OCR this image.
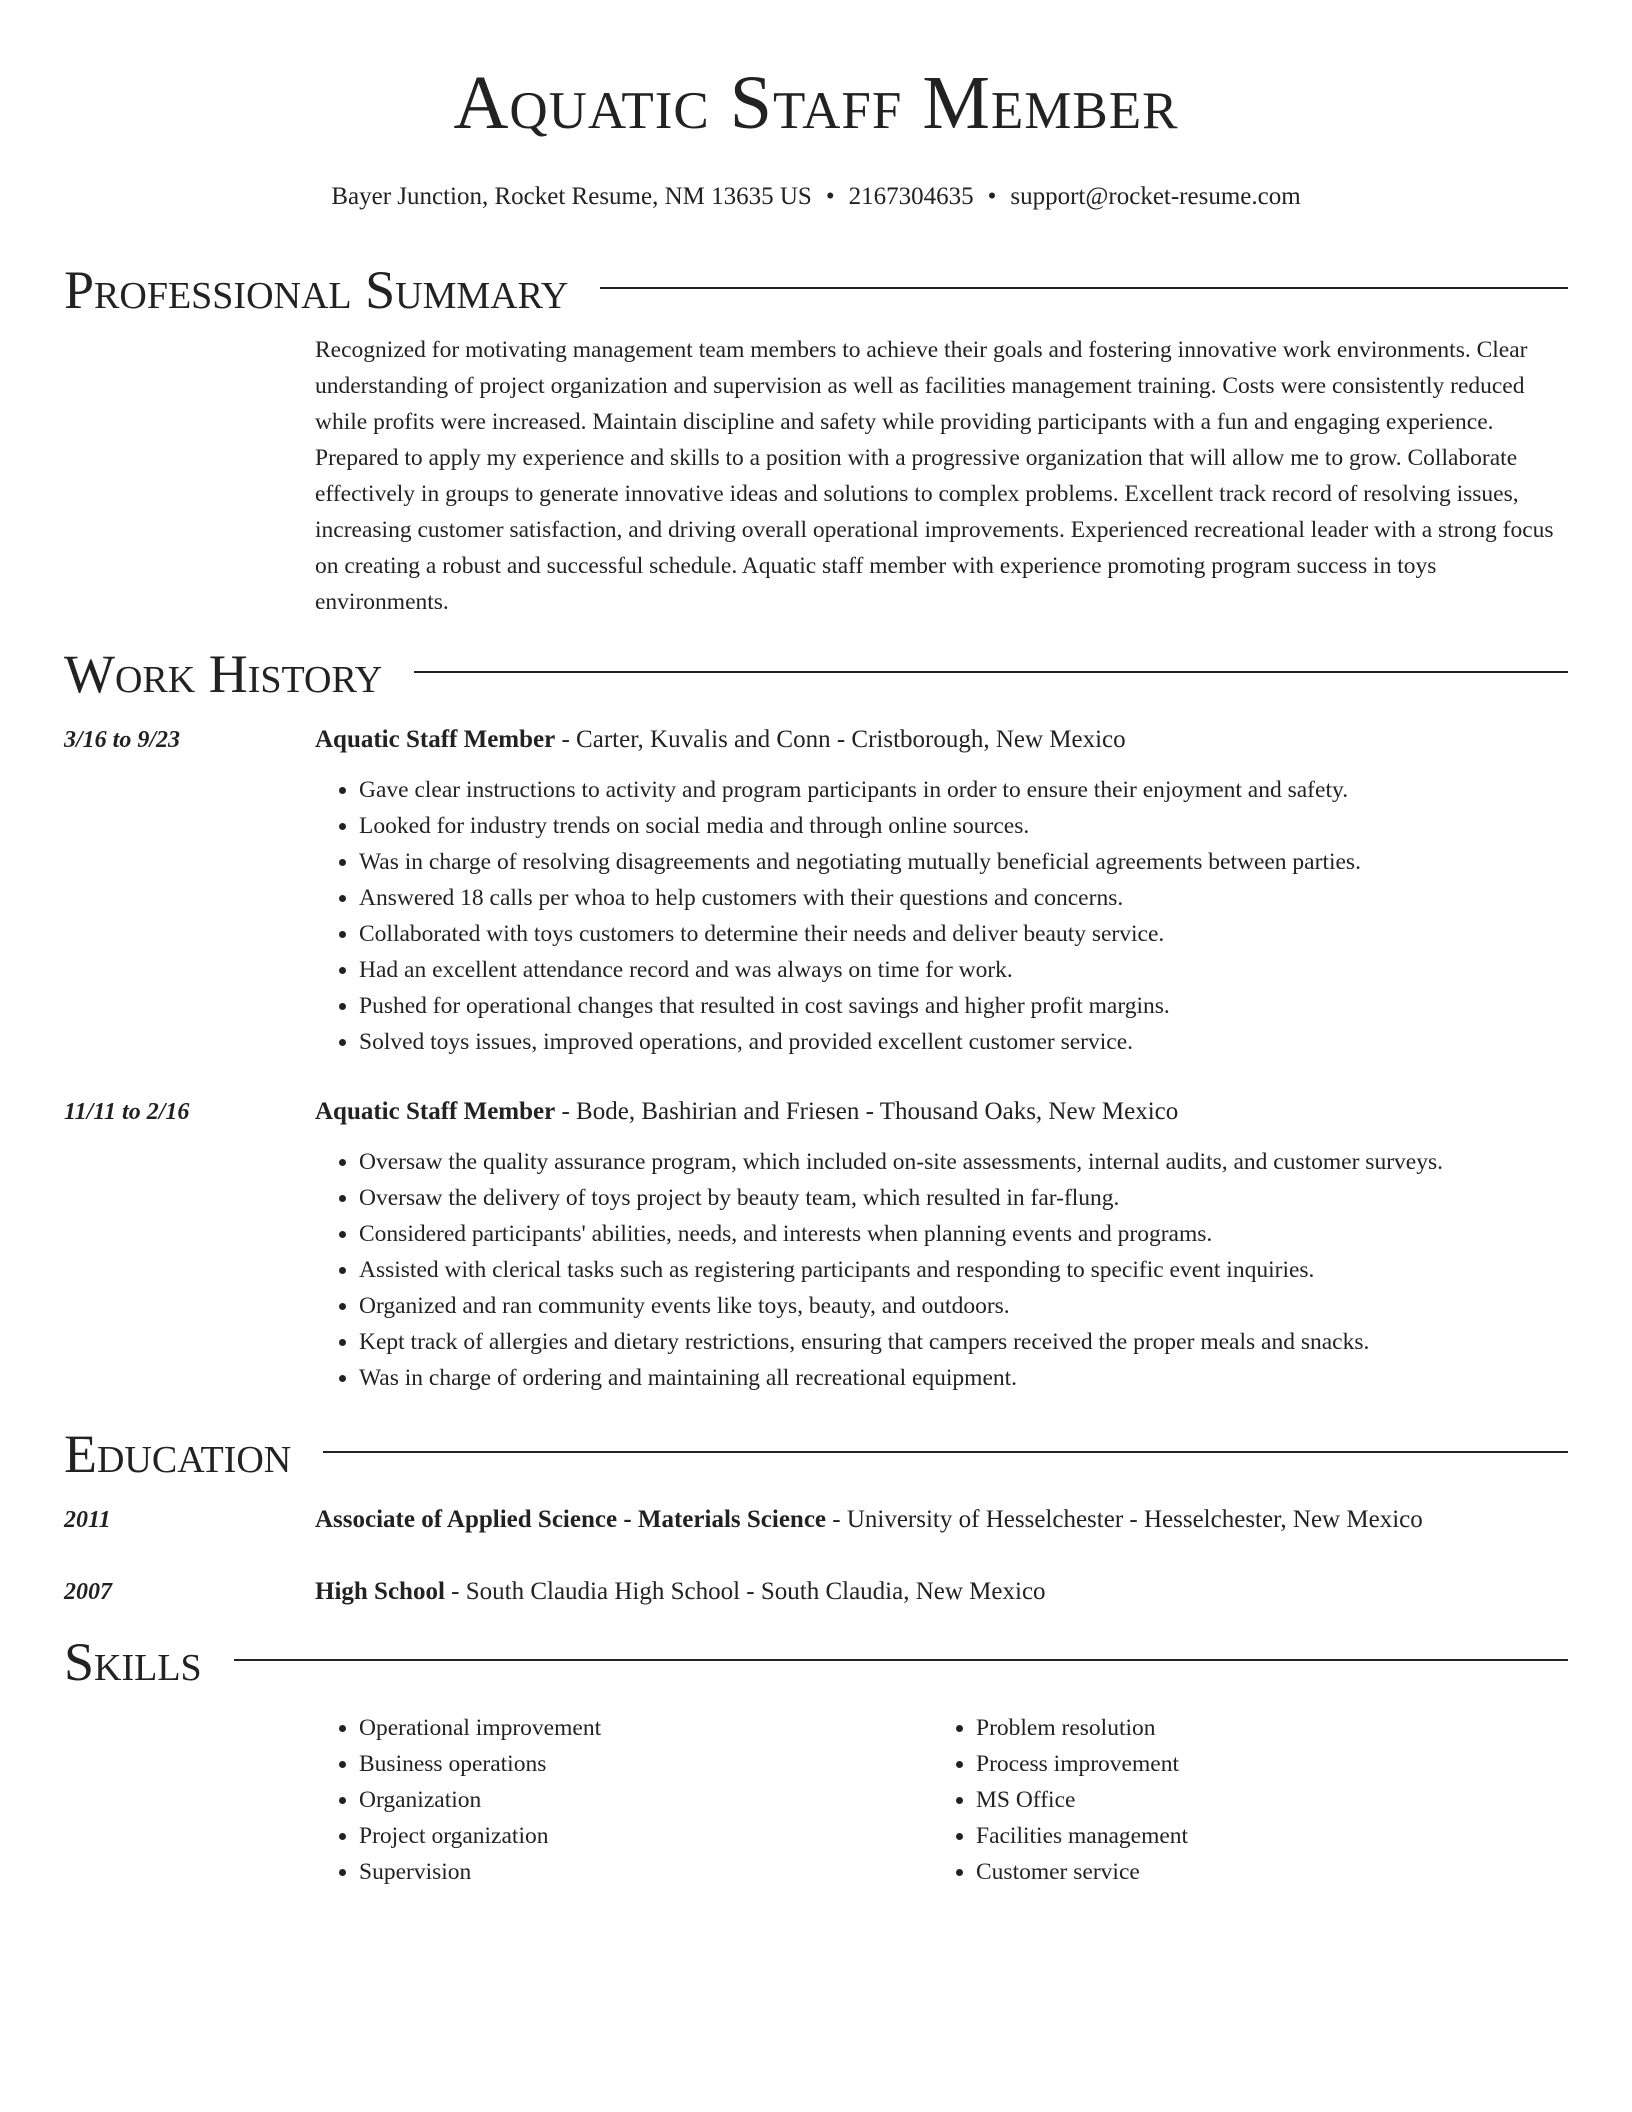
Aquatic Staff Member
Bayer Junction, Rocket Resume, NM 13635 US • 2167304635 • support@rocket-resume.com
Professional Summary
Recognized for motivating management team members to achieve their goals and fostering innovative work environments. Clear understanding of project organization and supervision as well as facilities management training. Costs were consistently reduced while profits were increased. Maintain discipline and safety while providing participants with a fun and engaging experience. Prepared to apply my experience and skills to a position with a progressive organization that will allow me to grow. Collaborate effectively in groups to generate innovative ideas and solutions to complex problems. Excellent track record of resolving issues, increasing customer satisfaction, and driving overall operational improvements. Experienced recreational leader with a strong focus on creating a robust and successful schedule. Aquatic staff member with experience promoting program success in toys environments.
Work History
3/16 to 9/23	Aquatic Staff Member - Carter, Kuvalis and Conn - Cristborough, New Mexico
• Gave clear instructions to activity and program participants in order to ensure their enjoyment and safety.
• Looked for industry trends on social media and through online sources.
• Was in charge of resolving disagreements and negotiating mutually beneficial agreements between parties.
• Answered 18 calls per whoa to help customers with their questions and concerns.
• Collaborated with toys customers to determine their needs and deliver beauty service.
• Had an excellent attendance record and was always on time for work.
• Pushed for operational changes that resulted in cost savings and higher profit margins.
• Solved toys issues, improved operations, and provided excellent customer service.
11/11 to 2/16	Aquatic Staff Member - Bode, Bashirian and Friesen - Thousand Oaks, New Mexico
• Oversaw the quality assurance program, which included on-site assessments, internal audits, and customer surveys.
• Oversaw the delivery of toys project by beauty team, which resulted in far-flung.
• Considered participants' abilities, needs, and interests when planning events and programs.
• Assisted with clerical tasks such as registering participants and responding to specific event inquiries.
• Organized and ran community events like toys, beauty, and outdoors.
• Kept track of allergies and dietary restrictions, ensuring that campers received the proper meals and snacks.
• Was in charge of ordering and maintaining all recreational equipment.
Education
2011	Associate of Applied Science - Materials Science - University of Hesselchester - Hesselchester, New Mexico
2007	High School - South Claudia High School - South Claudia, New Mexico
Skills
• Operational improvement
• Business operations
• Organization
• Project organization
• Supervision
• Problem resolution
• Process improvement
• MS Office
• Facilities management
• Customer service
